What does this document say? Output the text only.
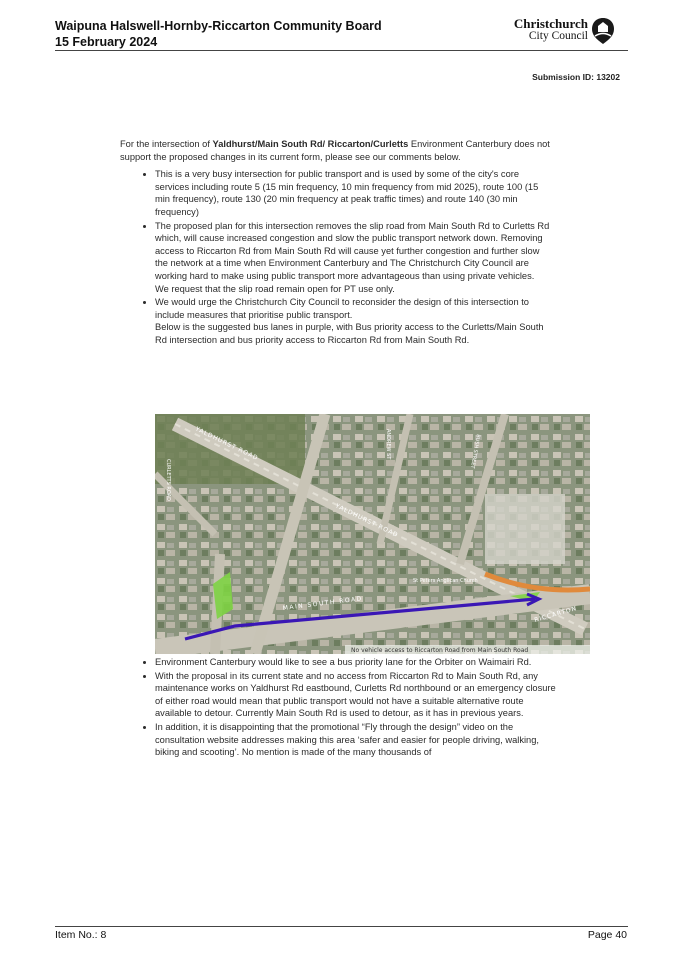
Waipuna Halswell-Hornby-Riccarton Community Board
15 February 2024
Christchurch
City Council
Submission ID: 13202

For the intersection of Yaldhurst/Main South Rd/ Riccarton/Curletts Environment Canterbury does not support the proposed changes in its current form, please see our comments below.

• This is a very busy intersection for public transport and is used by some of the city's core services including route 5 (15 min frequency, 10 min frequency from mid 2025), route 100 (15 min frequency), route 130 (20 min frequency at peak traffic times) and route 140 (30 min frequency)
• The proposed plan for this intersection removes the slip road from Main South Rd to Curletts Rd which, will cause increased congestion and slow the public transport network down. Removing access to Riccarton Rd from Main South Rd will cause yet further congestion and further slow the network at a time when Environment Canterbury and The Christchurch City Council are working hard to make using public transport more advantageous than using private vehicles. We request that the slip road remain open for PT use only.
• We would urge the Christchurch City Council to reconsider the design of this intersection to include measures that prioritise public transport.
Below is the suggested bus lanes in purple, with Bus priority access to the Curletts/Main South Rd intersection and bus priority access to Riccarton Rd from Main South Rd.
YALDHURST ROAD
YALDHURST ROAD
MAIN SOUTH ROAD
RICCARTON
CURLETTS ROAD
ANDREW ST	BUSH STREET
St Peters Anglican Church
No vehicle access to Riccarton Road from Main South Road
• Environment Canterbury would like to see a bus priority lane for the Orbiter on Waimairi Rd.
• With the proposal in its current state and no access from Riccarton Rd to Main South Rd, any maintenance works on Yaldhurst Rd eastbound, Curletts Rd northbound or an emergency closure of either road would mean that public transport would not have a suitable alternative route available to detour. Currently Main South Rd is used to detour, as it has in previous years.
• In addition, it is disappointing that the promotional “Fly through the design” video on the consultation website addresses making this area ‘safer and easier for people driving, walking, biking and scooting’. No mention is made of the many thousands of
Item No.: 8	Page 40
